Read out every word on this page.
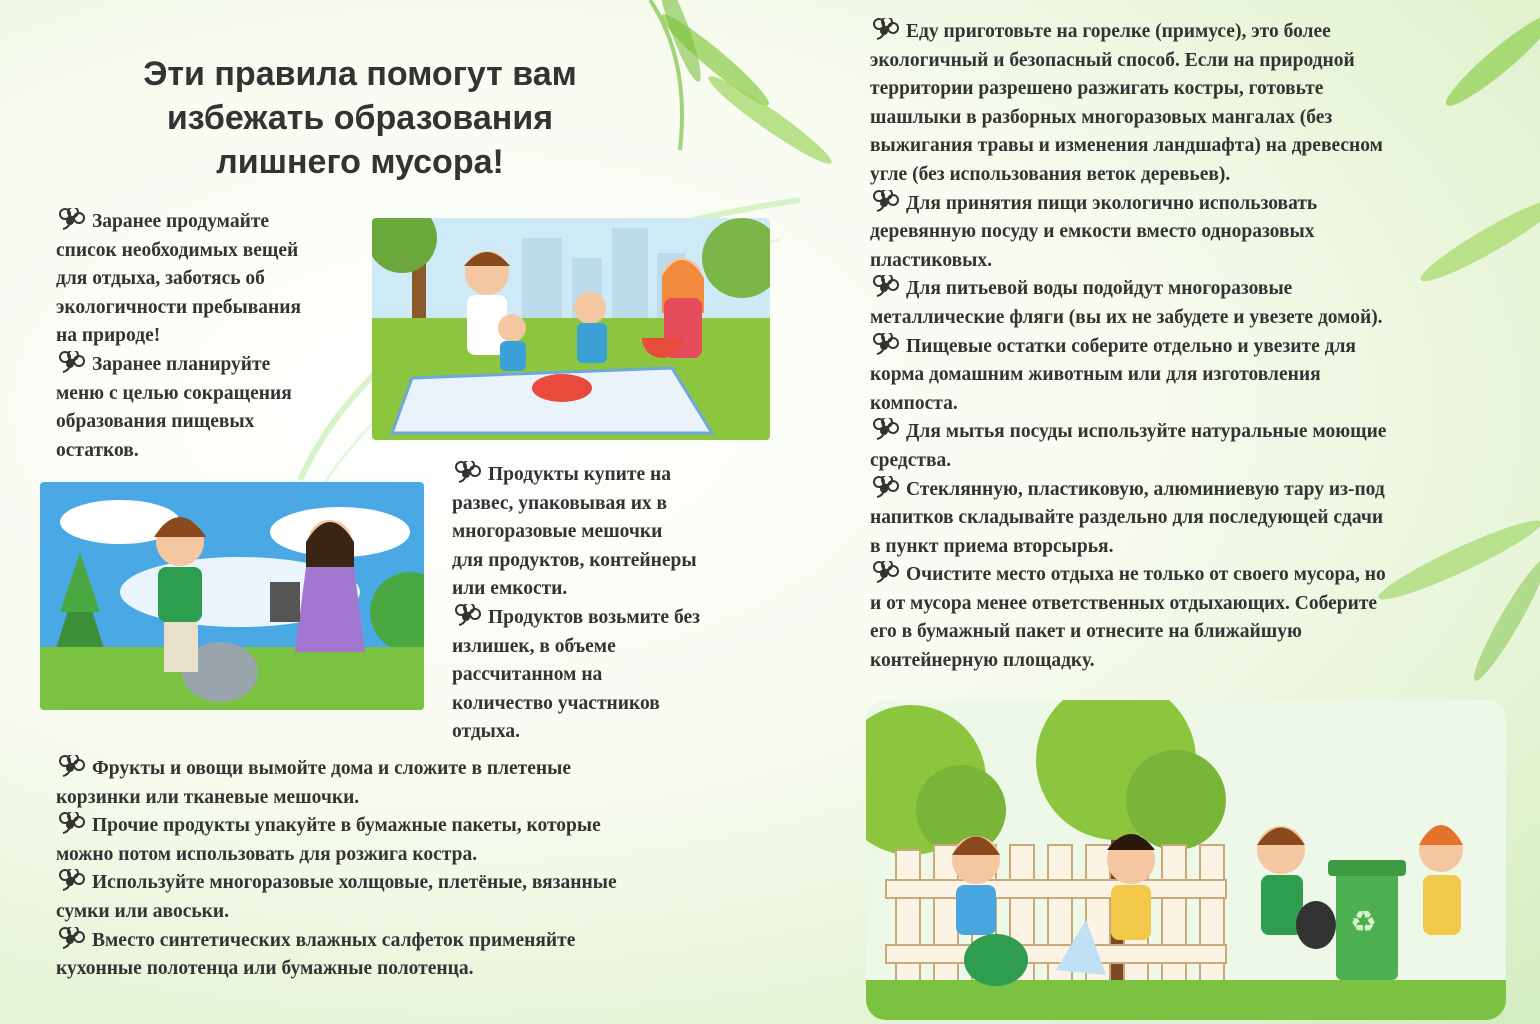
Эти правила помогут вам
избежать образования
лишнего мусора!
♻

Заранее продумайте
список необходимых вещей
для отдыха, заботясь об
экологичности пребывания
на природе!

Заранее планируйте
меню с целью сокращения
образования пищевых
остатков.

Продукты купите на
развес, упаковывая их в
многоразовые мешочки
для продуктов, контейнеры
или емкости.

Продуктов возьмите без
излишек, в объеме
рассчитанном на
количество участников
отдыха.

Фрукты и овощи вымойте дома и сложите в плетеные
корзинки или тканевые мешочки.

Прочие продукты упакуйте в бумажные пакеты, которые
можно потом использовать для розжига костра.

Используйте многоразовые холщовые, плетёные, вязанные
сумки или авоськи.

Вместо синтетических влажных салфеток применяйте
кухонные полотенца или бумажные полотенца.

Еду приготовьте на горелке (примусе), это более
экологичный и безопасный способ. Если на природной
территории разрешено разжигать костры, готовьте
шашлыки в разборных многоразовых мангалах (без
выжигания травы и изменения ландшафта) на древесном
угле (без использования веток деревьев).

Для принятия пищи экологично использовать
деревянную посуду и емкости вместо одноразовых
пластиковых.

Для питьевой воды подойдут многоразовые
металлические фляги (вы их не забудете и увезете домой).

Пищевые остатки соберите отдельно и увезите для
корма домашним животным или для изготовления
компоста.

Для мытья посуды используйте натуральные моющие
средства.

Стеклянную, пластиковую, алюминиевую тару из-под
напитков складывайте раздельно для последующей сдачи
в пункт приема вторсырья.

Очистите место отдыха не только от своего мусора, но
и от мусора менее ответственных отдыхающих. Соберите
его в бумажный пакет и отнесите на ближайшую
контейнерную площадку.
